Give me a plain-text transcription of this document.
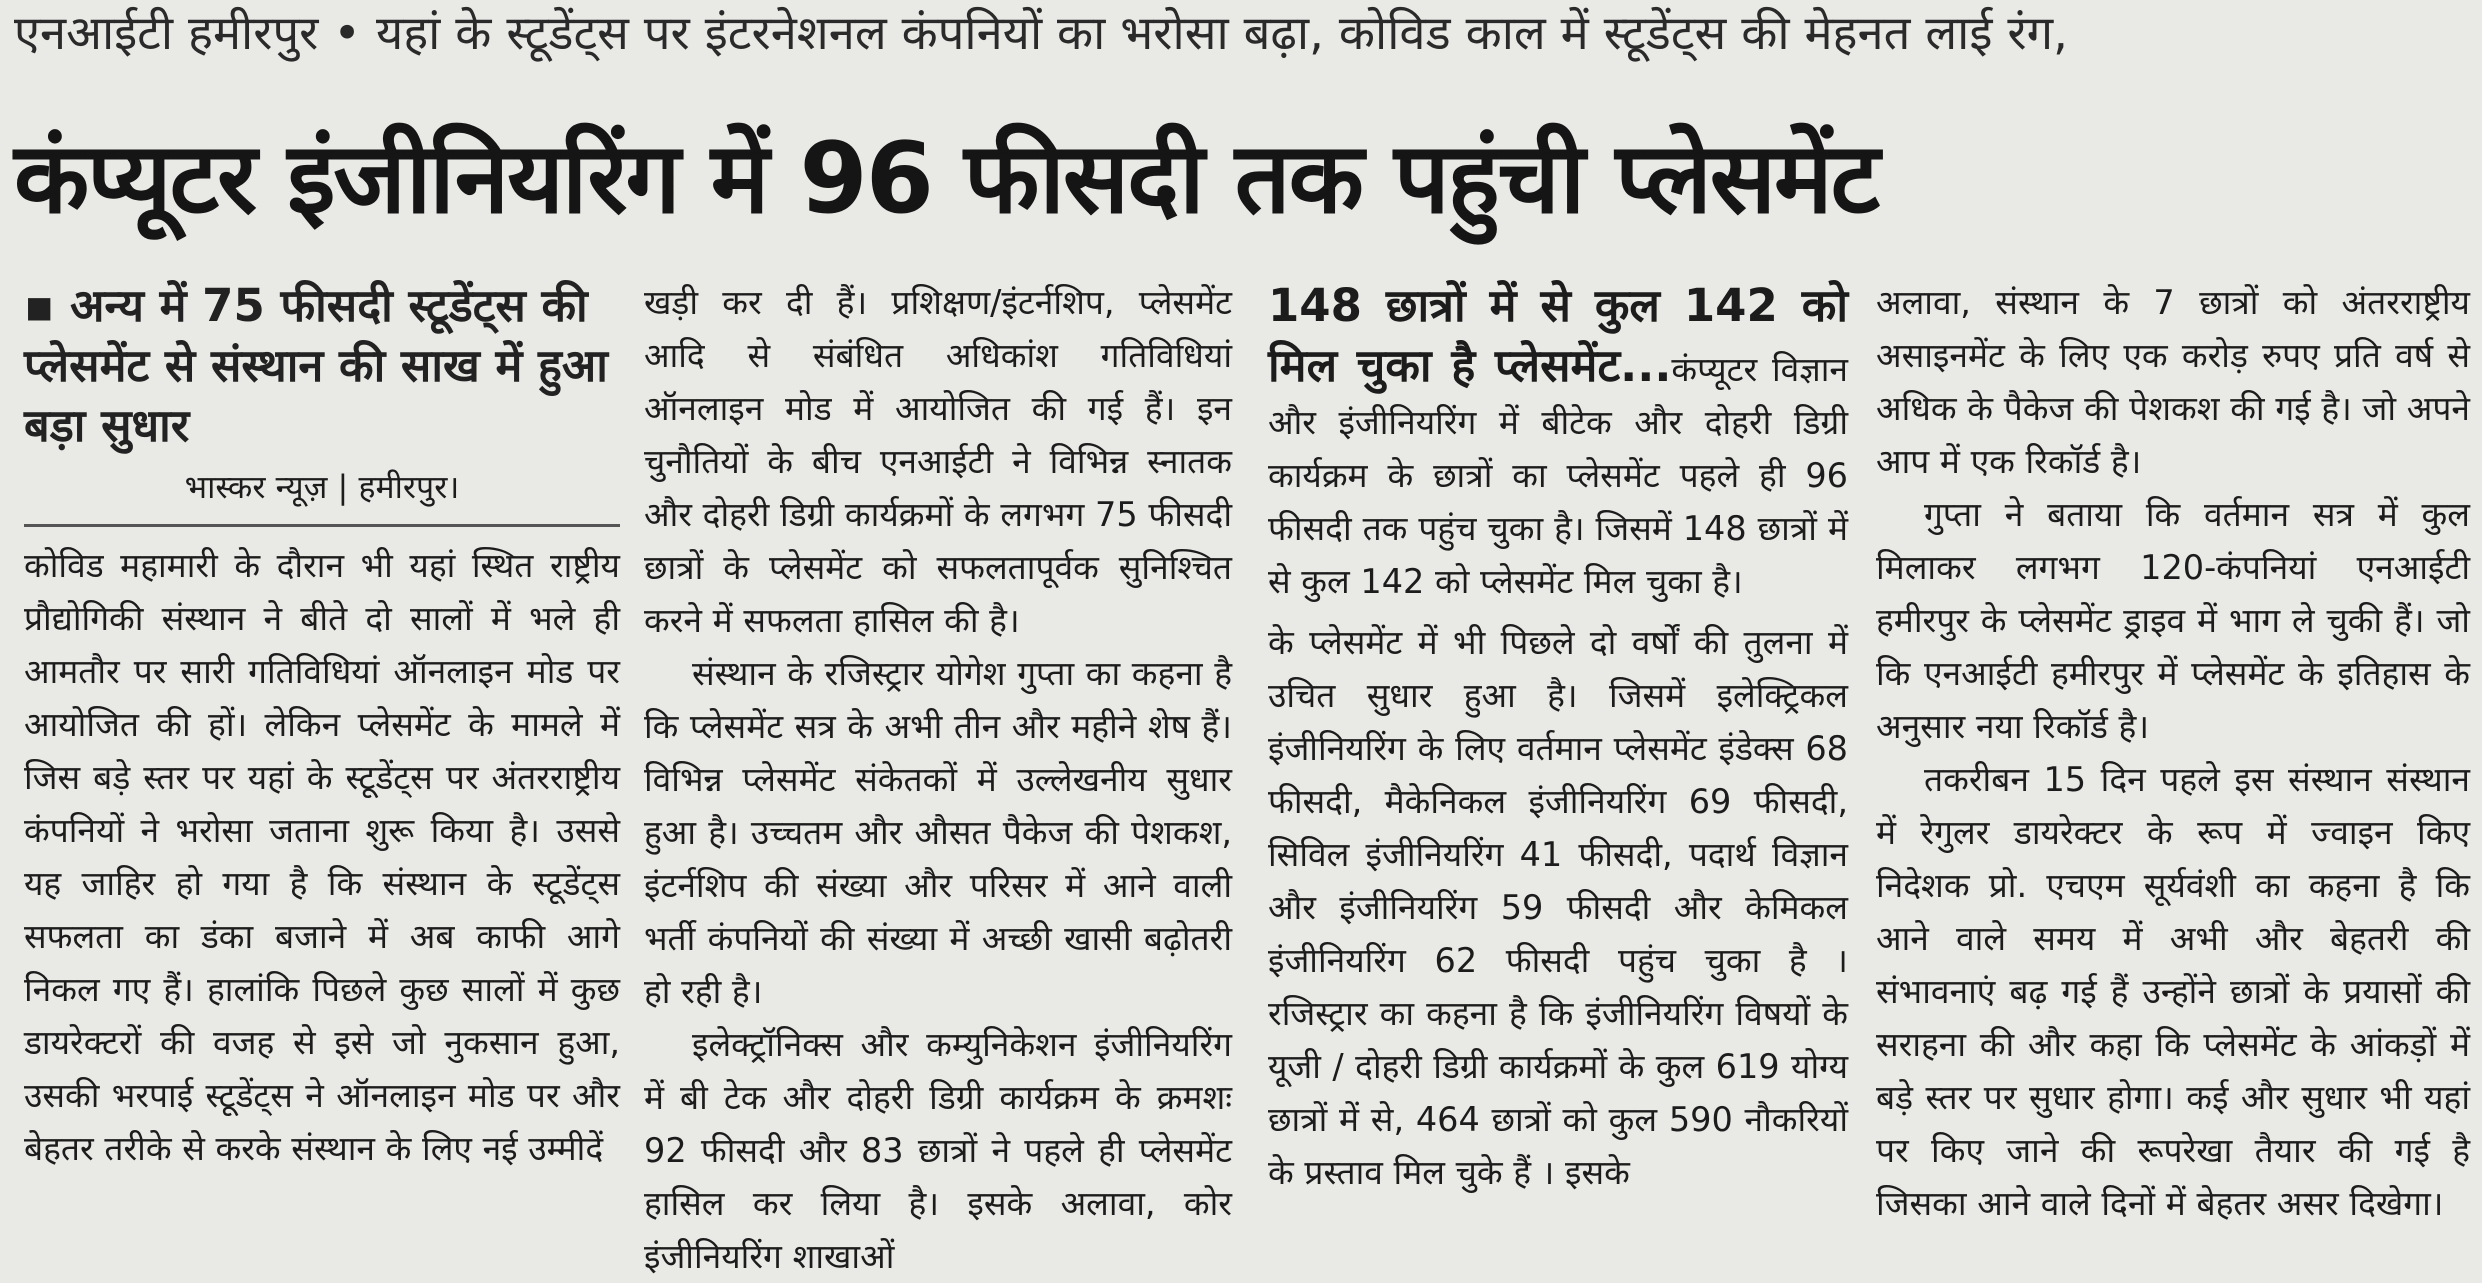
एनआईटी हमीरपुर • यहां के स्टूडेंट्स पर इंटरनेशनल कंपनियों का भरोसा बढ़ा, कोविड काल में स्टूडेंट्स की मेहनत लाई रंग,
कंप्यूटर इंजीनियरिंग में 96 फीसदी तक पहुंची प्लेसमेंट

▪ अन्य में 75 फीसदी स्टूडेंट्स की प्लेसमेंट से संस्थान की साख में हुआ बड़ा सुधार

भास्कर न्यूज़ | हमीरपुर।

कोविड महामारी के दौरान भी यहां स्थित राष्ट्रीय प्रौद्योगिकी संस्थान ने बीते दो सालों में भले ही आमतौर पर सारी गतिविधियां ऑनलाइन मोड पर आयोजित की हों। लेकिन प्लेसमेंट के मामले में जिस बड़े स्तर पर यहां के स्टूडेंट्स पर अंतरराष्ट्रीय कंपनियों ने भरोसा जताना शुरू किया है। उससे यह जाहिर हो गया है कि संस्थान के स्टूडेंट्स सफलता का डंका बजाने में अब काफी आगे निकल गए हैं। हालांकि पिछले कुछ सालों में कुछ डायरेक्टरों की वजह से इसे जो नुकसान हुआ, उसकी भरपाई स्टूडेंट्स ने ऑनलाइन मोड पर और बेहतर तरीके से करके संस्थान के लिए नई उम्मीदें

खड़ी कर दी हैं। प्रशिक्षण/इंटर्नशिप, प्लेसमेंट आदि से संबंधित अधिकांश गतिविधियां ऑनलाइन मोड में आयोजित की गई हैं। इन चुनौतियों के बीच एनआईटी ने विभिन्न स्नातक और दोहरी डिग्री कार्यक्रमों के लगभग 75 फीसदी छात्रों के प्लेसमेंट को सफलतापूर्वक सुनिश्चित करने में सफलता हासिल की है।

संस्थान के रजिस्ट्रार योगेश गुप्ता का कहना है कि प्लेसमेंट सत्र के अभी तीन और महीने शेष हैं। विभिन्न प्लेसमेंट संकेतकों में उल्लेखनीय सुधार हुआ है। उच्चतम और औसत पैकेज की पेशकश, इंटर्नशिप की संख्या और परिसर में आने वाली भर्ती कंपनियों की संख्या में अच्छी खासी बढ़ोतरी हो रही है।

इलेक्ट्रॉनिक्स और कम्युनिकेशन इंजीनियरिंग में बी टेक और दोहरी डिग्री कार्यक्रम के क्रमशः 92 फीसदी और 83 छात्रों ने पहले ही प्लेसमेंट हासिल कर लिया है। इसके अलावा, कोर इंजीनियरिंग शाखाओं

148 छात्रों में से कुल 142 को मिल चुका है प्लेसमेंट...कंप्यूटर विज्ञान और इंजीनियरिंग में बीटेक और दोहरी डिग्री कार्यक्रम के छात्रों का प्लेसमेंट पहले ही 96 फीसदी तक पहुंच चुका है। जिसमें 148 छात्रों में से कुल 142 को प्लेसमेंट मिल चुका है।

के प्लेसमेंट में भी पिछले दो वर्षों की तुलना में उचित सुधार हुआ है। जिसमें इलेक्ट्रिकल इंजीनियरिंग के लिए वर्तमान प्लेसमेंट इंडेक्स 68 फीसदी, मैकेनिकल इंजीनियरिंग 69 फीसदी, सिविल इंजीनियरिंग 41 फीसदी, पदार्थ विज्ञान और इंजीनियरिंग 59 फीसदी और केमिकल इंजीनियरिंग 62 फीसदी पहुंच चुका है । रजिस्ट्रार का कहना है कि इंजीनियरिंग विषयों के यूजी / दोहरी डिग्री कार्यक्रमों के कुल 619 योग्य छात्रों में से, 464 छात्रों को कुल 590 नौकरियों के प्रस्ताव मिल चुके हैं । इसके

अलावा, संस्थान के 7 छात्रों को अंतरराष्ट्रीय असाइनमेंट के लिए एक करोड़ रुपए प्रति वर्ष से अधिक के पैकेज की पेशकश की गई है। जो अपने आप में एक रिकॉर्ड है।

गुप्ता ने बताया कि वर्तमान सत्र में कुल मिलाकर लगभग 120-कंपनियां एनआईटी हमीरपुर के प्लेसमेंट ड्राइव में भाग ले चुकी हैं। जो कि एनआईटी हमीरपुर में प्लेसमेंट के इतिहास के अनुसार नया रिकॉर्ड है।

तकरीबन 15 दिन पहले इस संस्थान संस्थान में रेगुलर डायरेक्टर के रूप में ज्वाइन किए निदेशक प्रो. एचएम सूर्यवंशी का कहना है कि आने वाले समय में अभी और बेहतरी की संभावनाएं बढ़ गई हैं उन्होंने छात्रों के प्रयासों की सराहना की और कहा कि प्लेसमेंट के आंकड़ों में बड़े स्तर पर सुधार होगा। कई और सुधार भी यहां पर किए जाने की रूपरेखा तैयार की गई है जिसका आने वाले दिनों में बेहतर असर दिखेगा।
